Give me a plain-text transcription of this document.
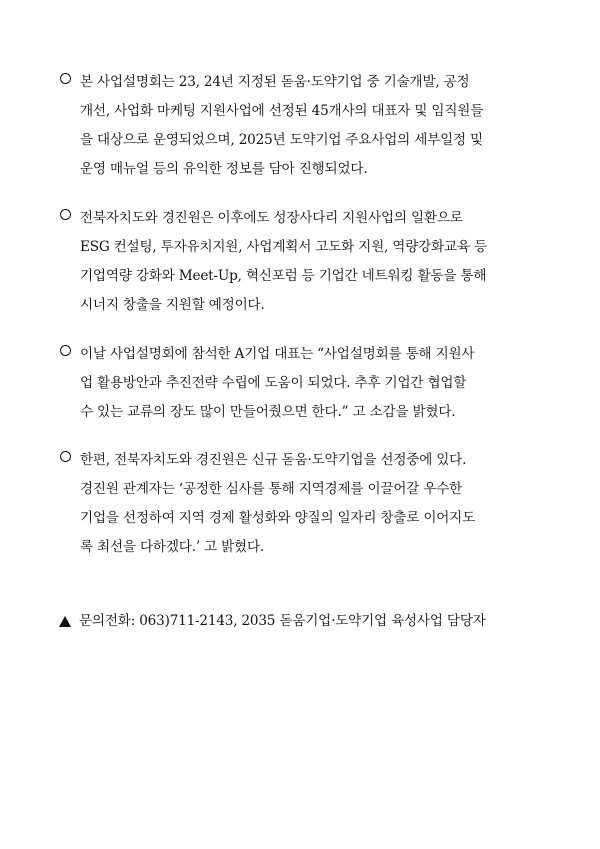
본 사업설명회는 23, 24년 지정된 돋움·도약기업 중 기술개발, 공정
개선, 사업화 마케팅 지원사업에 선정된 45개사의 대표자 및 임직원들
을 대상으로 운영되었으며, 2025년 도약기업 주요사업의 세부일정 및
운영 매뉴얼 등의 유익한 정보를 담아 진행되었다.
전북자치도와 경진원은 이후에도 성장사다리 지원사업의 일환으로
ESG 컨설팅, 투자유치지원, 사업계획서 고도화 지원, 역량강화교육 등
기업역량 강화와 Meet-Up, 혁신포럼 등 기업간 네트워킹 활동을 통해
시너지 창출을 지원할 예정이다.
이날 사업설명회에 참석한 A기업 대표는 “사업설명회를 통해 지원사
업 활용방안과 추진전략 수립에 도움이 되었다. 추후 기업간 협업할
수 있는 교류의 장도 많이 만들어줬으면 한다.” 고 소감을 밝혔다.
한편, 전북자치도와 경진원은 신규 돋움·도약기업을 선정중에 있다.
경진원 관계자는 ‘공정한 심사를 통해 지역경제를 이끌어갈 우수한
기업을 선정하여 지역 경제 활성화와 양질의 일자리 창출로 이어지도
록 최선을 다하겠다.’ 고 밝혔다.
문의전화: 063)711-2143, 2035 돋움기업·도약기업 육성사업 담당자
